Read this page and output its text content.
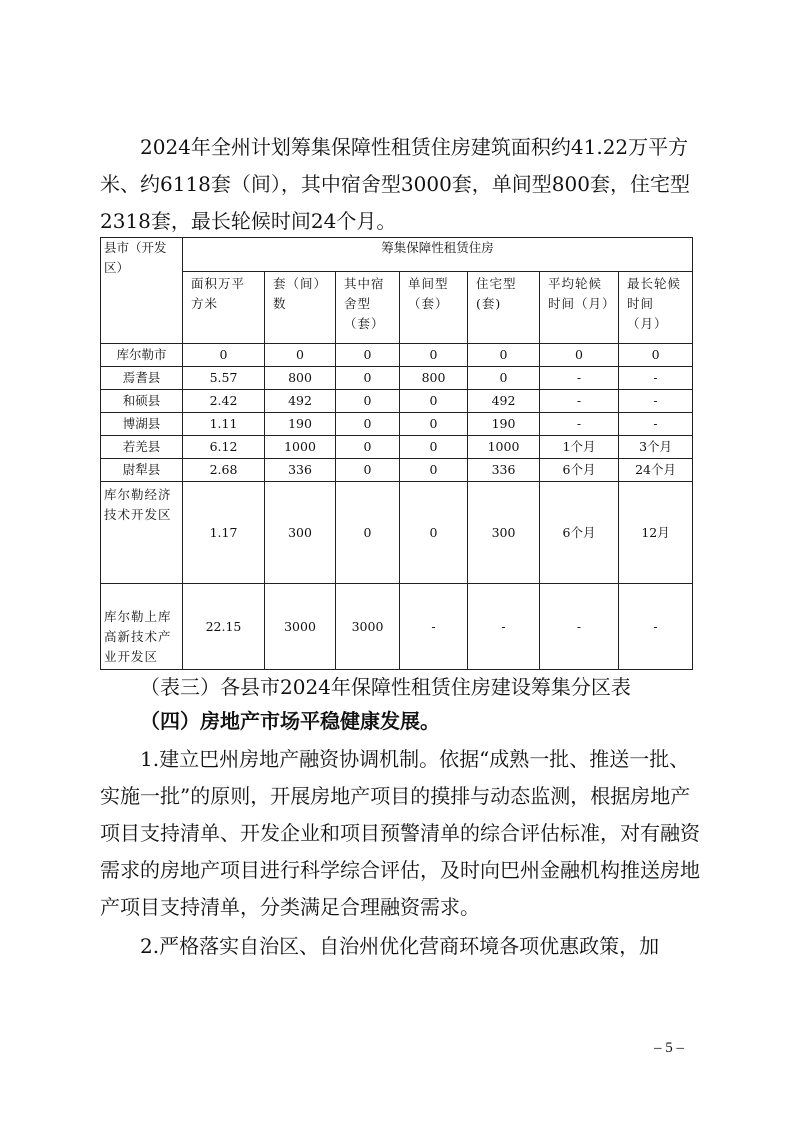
2024年全州计划筹集保障性租赁住房建筑面积约41.22万平方米、约6118套（间），其中宿舍型3000套，单间型800套，住宅型2318套，最长轮候时间24个月。

县市（开发区）	筹集保障性租赁住房						
	面积万平方米	套（间）数	其中宿舍型（套）	单间型（套）	住宅型(套)	平均轮候时间（月）	最长轮候时间（月）
库尔勒市	0	0	0	0	0	0	0
焉耆县	5.57	800	0	800	0	-	-
和硕县	2.42	492	0	0	492	-	-
博湖县	1.11	190	0	0	190	-	-
若羌县	6.12	1000	0	0	1000	1个月	3个月
尉犁县	2.68	336	0	0	336	6个月	24个月
库尔勒经济技术开发区	1.17	300	0	0	300	6个月	12月
库尔勒上库高新技术产业开发区	22.15	3000	3000	-	-	-	-
（表三）各县市2024年保障性租赁住房建设筹集分区表
（四）房地产市场平稳健康发展。

1.建立巴州房地产融资协调机制。依据“成熟一批、推送一批、实施一批”的原则，开展房地产项目的摸排与动态监测，根据房地产项目支持清单、开发企业和项目预警清单的综合评估标准，对有融资需求的房地产项目进行科学综合评估，及时向巴州金融机构推送房地产项目支持清单，分类满足合理融资需求。

2.严格落实自治区、自治州优化营商环境各项优惠政策，加

– 5 –
